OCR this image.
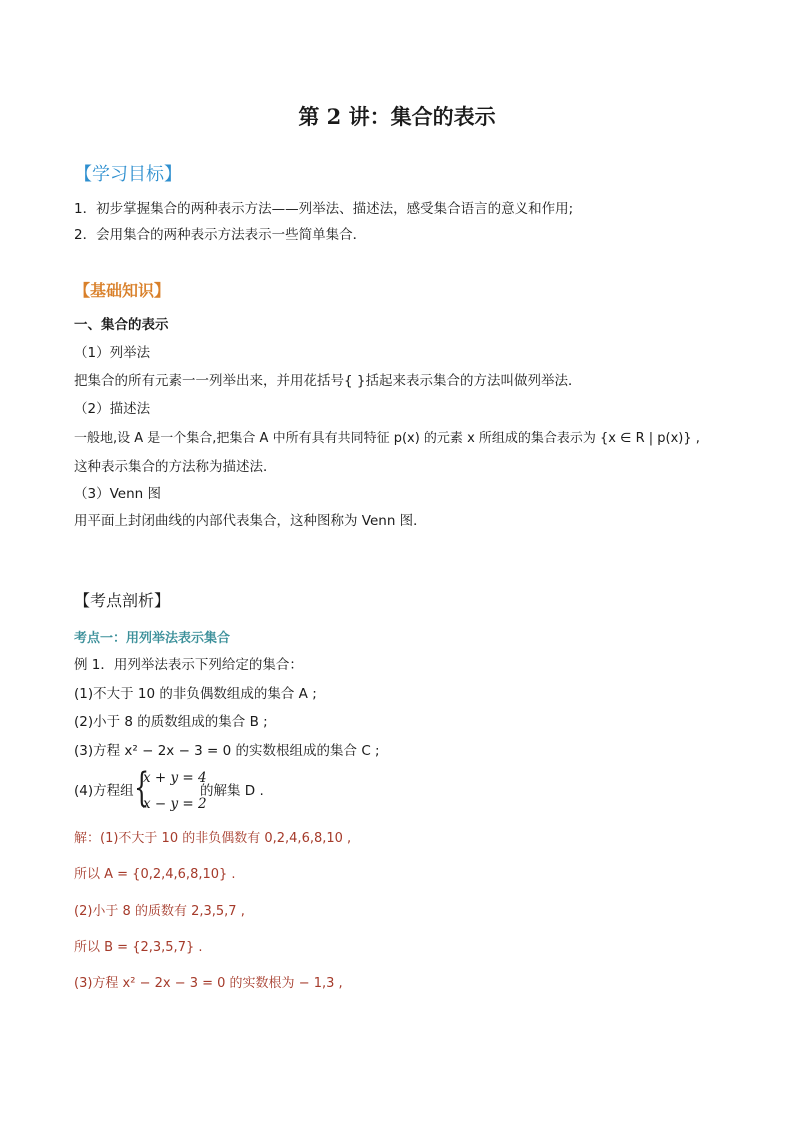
第 2 讲：集合的表示
【学习目标】
1．初步掌握集合的两种表示方法——列举法、描述法，感受集合语言的意义和作用;
2．会用集合的两种表示方法表示一些简单集合．
【基础知识】
一、集合的表示
（1）列举法
把集合的所有元素一一列举出来，并用花括号{ }括起来表示集合的方法叫做列举法．
（2）描述法
一般地,设 A 是一个集合,把集合 A 中所有具有共同特征 p(x) 的元素 x 所组成的集合表示为 {x ∈ R | p(x)} ,
这种表示集合的方法称为描述法．
（3）Venn 图
用平面上封闭曲线的内部代表集合，这种图称为 Venn 图．
【考点剖析】
考点一：用列举法表示集合
例 1．用列举法表示下列给定的集合：
(1)不大于 10 的非负偶数组成的集合 A ;
(2)小于 8 的质数组成的集合 B ;
(3)方程 x² − 2x − 3 = 0 的实数根组成的集合 C ;
(4)方程组 {
x + y = 4
x − y = 2
的解集 D .
解：(1)不大于 10 的非负偶数有 0,2,4,6,8,10 ,
所以 A = {0,2,4,6,8,10} .
(2)小于 8 的质数有 2,3,5,7 ,
所以 B = {2,3,5,7} .
(3)方程 x² − 2x − 3 = 0 的实数根为 − 1,3 ,
